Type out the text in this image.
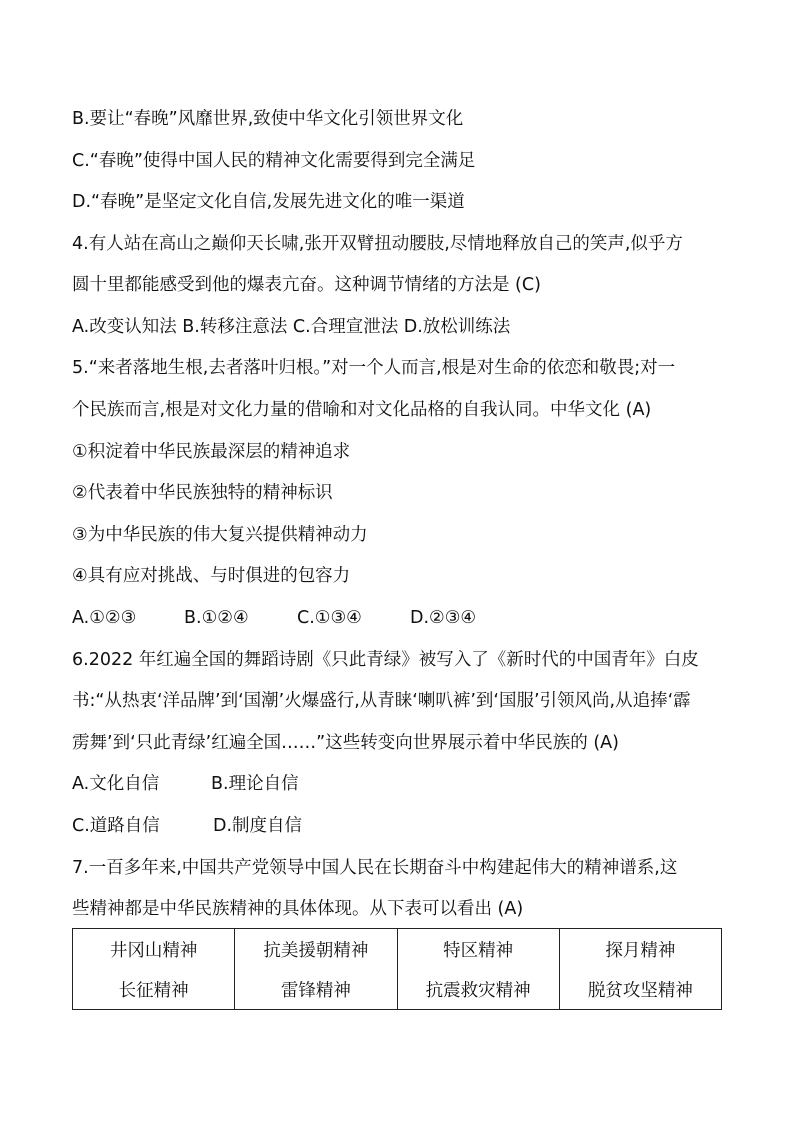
B.要让“春晚”风靡世界,致使中华文化引领世界文化
C.“春晚”使得中国人民的精神文化需要得到完全满足
D.“春晚”是坚定文化自信,发展先进文化的唯一渠道
4.有人站在高山之巅仰天长啸,张开双臂扭动腰肢,尽情地释放自己的笑声,似乎方
圆十里都能感受到他的爆表亢奋。这种调节情绪的方法是 (C)
A.改变认知法 B.转移注意法 C.合理宣泄法 D.放松训练法
5.“来者落地生根,去者落叶归根。”对一个人而言,根是对生命的依恋和敬畏;对一
个民族而言,根是对文化力量的借喻和对文化品格的自我认同。中华文化 (A)
①积淀着中华民族最深层的精神追求
②代表着中华民族独特的精神标识
③为中华民族的伟大复兴提供精神动力
④具有应对挑战、与时俱进的包容力
A.①②③	B.①②④	C.①③④	D.②③④
6.2022 年红遍全国的舞蹈诗剧《只此青绿》被写入了《新时代的中国青年》白皮
书:“从热衷‘洋品牌’到‘国潮’火爆盛行,从青睐‘喇叭裤’到‘国服’引领风尚,从追捧‘霹
雳舞’到‘只此青绿’红遍全国……”这些转变向世界展示着中华民族的 (A)
A.文化自信	B.理论自信
C.道路自信	D.制度自信
7.一百多年来,中国共产党领导中国人民在长期奋斗中构建起伟大的精神谱系,这
些精神都是中华民族精神的具体体现。从下表可以看出 (A)
井冈山精神	抗美援朝精神	特区精神	探月精神
长征精神	雷锋精神	抗震救灾精神	脱贫攻坚精神
